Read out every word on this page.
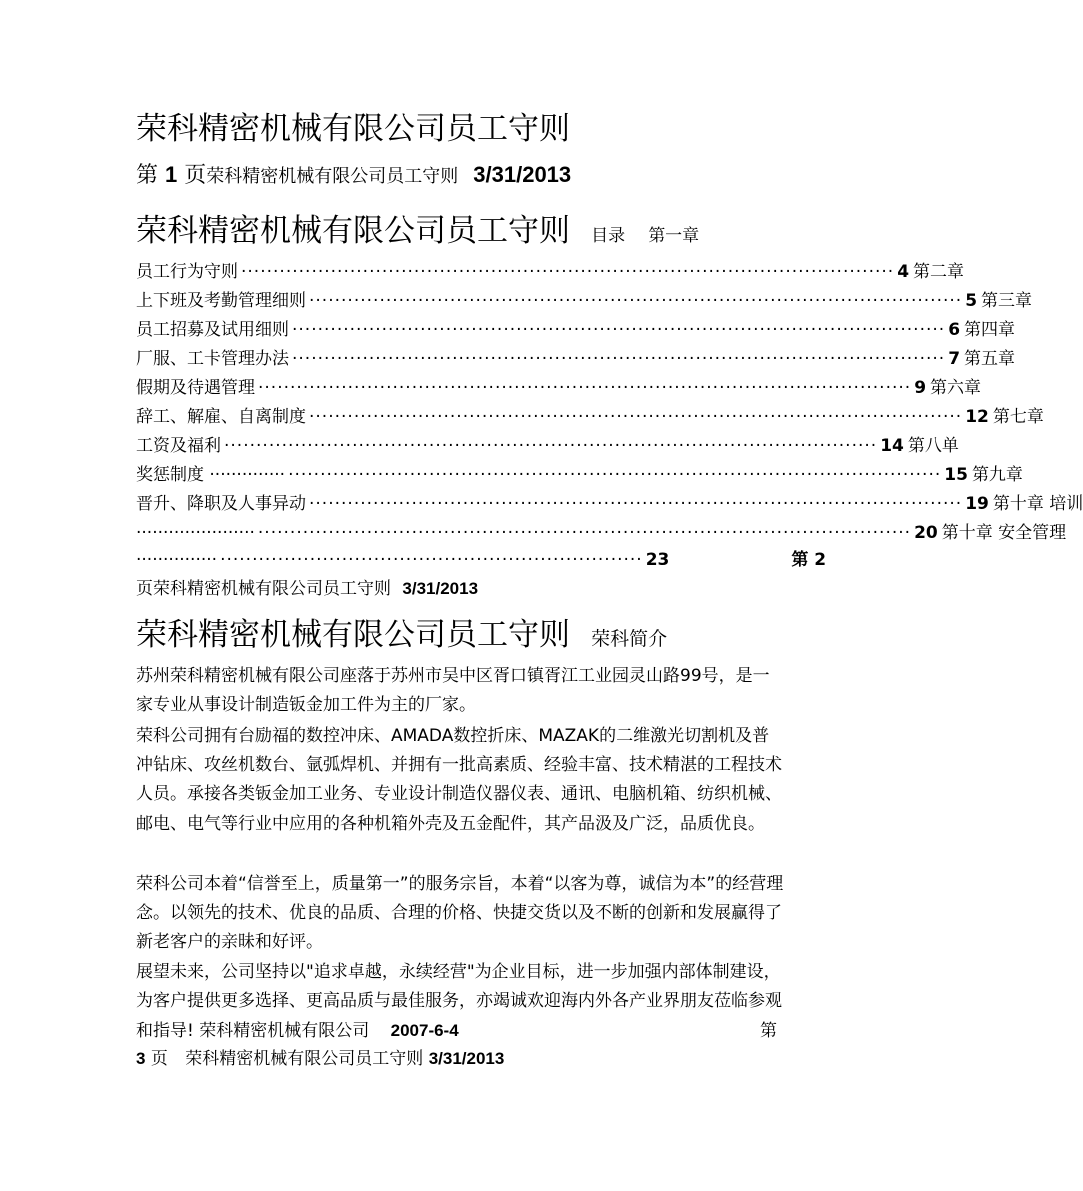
荣科精密机械有限公司员工守则
第 1 页荣科精密机械有限公司员工守则 3/31/2013
荣科精密机械有限公司员工守则 目录 第一章
员工行为守则 ······································································································ 4 第二章
上下班及考勤管理细则 ······································································································ 5 第三章
员工招募及试用细则 ······································································································ 6 第四章
厂服、工卡管理办法 ······································································································ 7 第五章
假期及待遇管理 ······································································································ 9 第六章
辞工、解雇、自离制度 ······································································································ 12 第七章
工资及福利 ······································································································ 14 第八单
奖惩制度 ·············· ······································································································ 15 第九章
晋升、降职及人事异动 ······································································································ 19 第十章 培训
······················ ······································································································ 20 第十章 安全管理
··············· ·································································· 23	第 2
页荣科精密机械有限公司员工守则 3/31/2013
荣科精密机械有限公司员工守则 荣科简介
苏州荣科精密机械有限公司座落于苏州市吴中区胥口镇胥江工业园灵山路99号，是一家专业从事设计制造钣金加工件为主的厂家。
荣科公司拥有台励福的数控冲床、AMADA数控折床、MAZAK的二维激光切割机及普冲钻床、攻丝机数台、氩弧焊机、并拥有一批高素质、经验丰富、技术精湛的工程技术人员。承接各类钣金加工业务、专业设计制造仪器仪表、通讯、电脑机箱、纺织机械、邮电、电气等行业中应用的各种机箱外壳及五金配件，其产品汲及广泛，品质优良。
荣科公司本着“信誉至上，质量第一”的服务宗旨，本着“以客为尊，诚信为本”的经营理念。以领先的技术、优良的品质、合理的价格、快捷交货以及不断的创新和发展赢得了新老客户的亲昧和好评。
展望未来，公司坚持以"追求卓越，永续经营"为企业目标，进一步加强内部体制建设，为客户提供更多选择、更高品质与最佳服务，亦竭诚欢迎海内外各产业界朋友莅临参观和指导! 荣科精密机械有限公司 2007-6-4	第
3 页 荣科精密机械有限公司员工守则 3/31/2013
